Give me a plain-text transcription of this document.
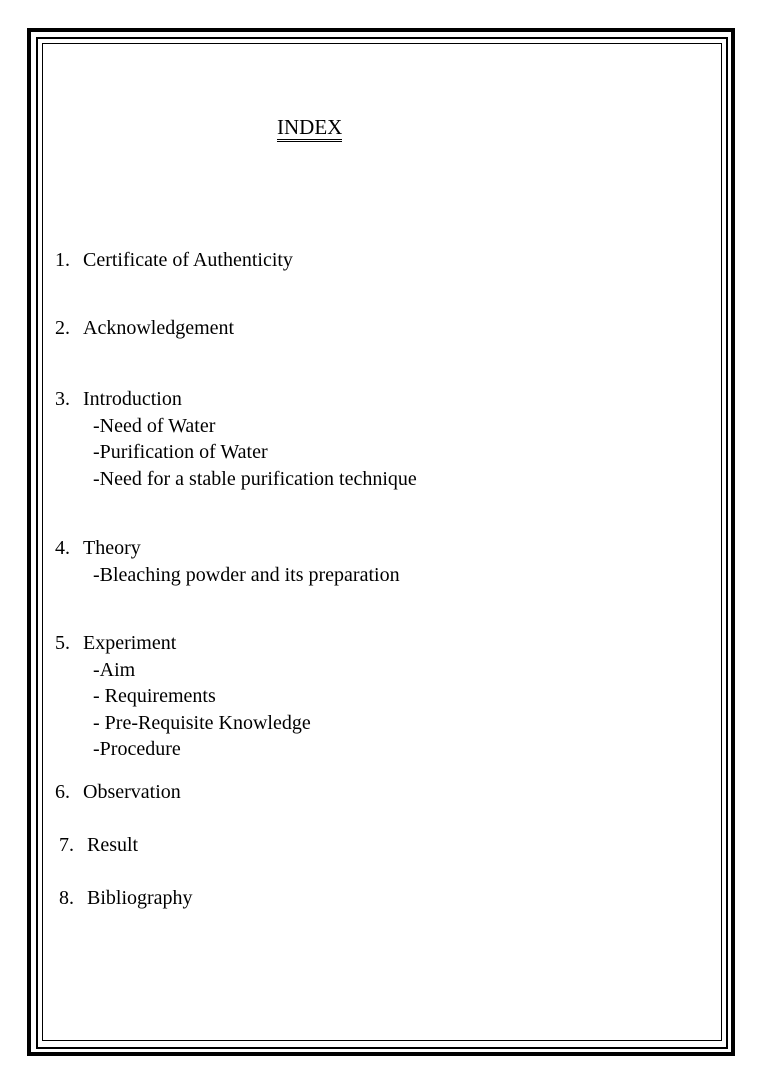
INDEX
1. Certificate of Authenticity
2. Acknowledgement
3. Introduction
-Need of Water
-Purification of Water
-Need for a stable purification technique
4. Theory
-Bleaching powder and its preparation
5. Experiment
-Aim
- Requirements
- Pre-Requisite Knowledge
-Procedure
6. Observation
7. Result
8. Bibliography
